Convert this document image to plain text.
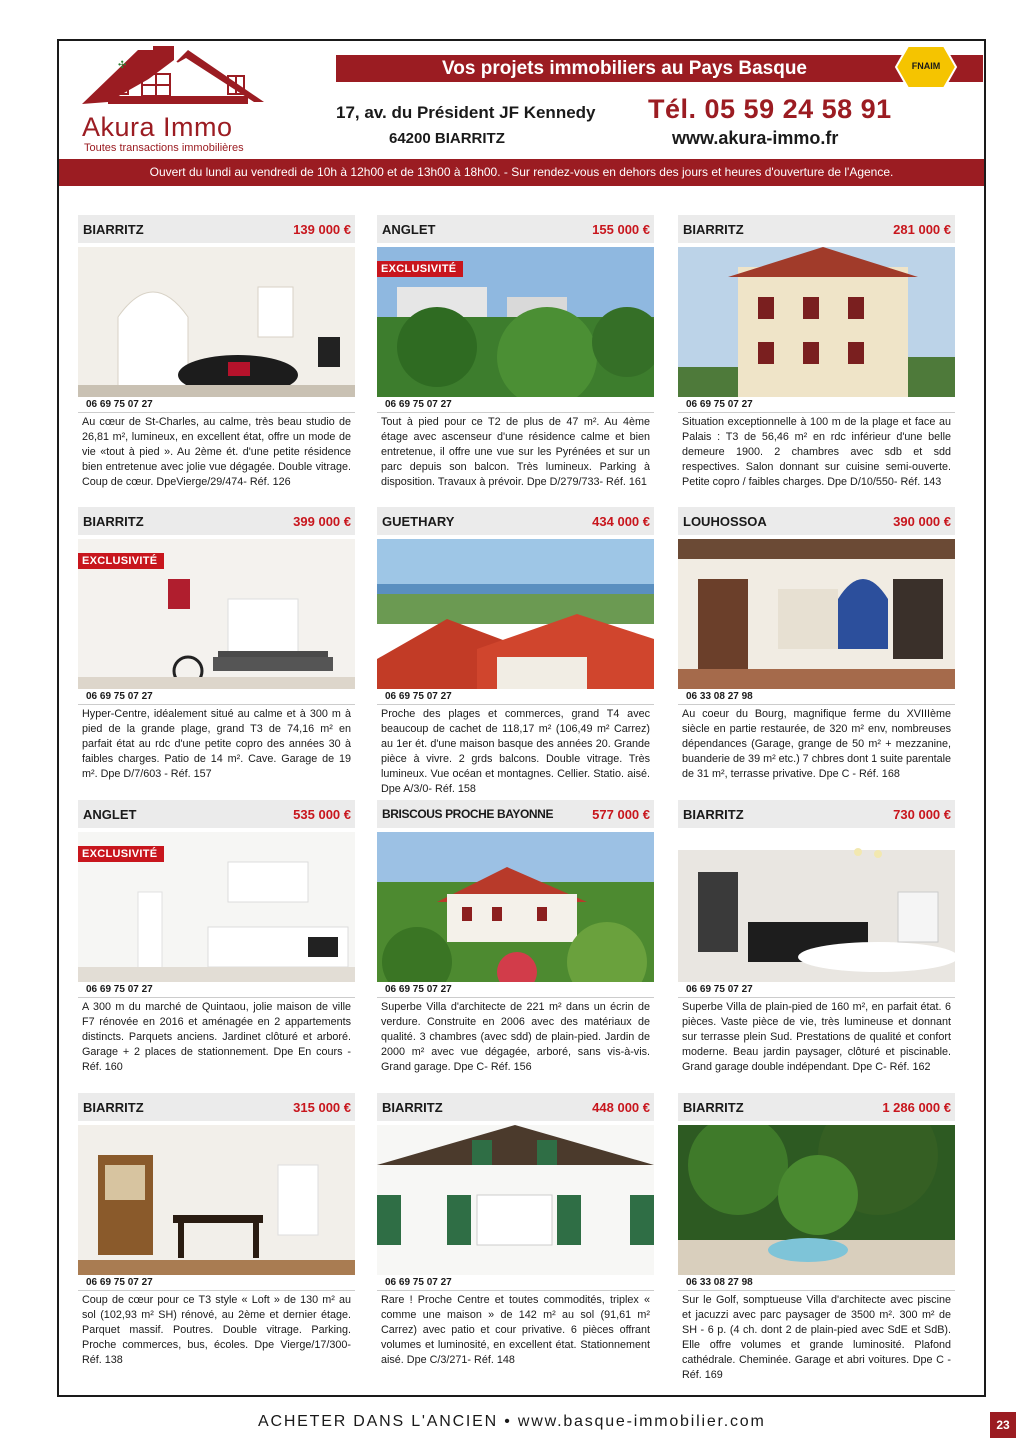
✣
Akura Immo
Toutes transactions immobilières
Vos projets immobiliers au Pays Basque	FNAIM
17, av. du Président JF Kennedy
64200 BIARRITZ
Tél. 05 59 24 58 91
www.akura-immo.fr
Ouvert du lundi au vendredi de 10h à 12h00 et de 13h00 à 18h00. - Sur rendez-vous en dehors des jours et heures d'ouverture de l'Agence.
BIARRITZ	139 000 €
06 69 75 07 27
Au cœur de St-Charles, au calme, très beau studio de 26,81 m², lumineux, en excellent état, offre un mode de vie «tout à pied ». Au 2ème ét. d'une petite résidence bien entretenue avec jolie vue dégagée. Double vitrage. Coup de cœur. DpeVierge/29/474- Réf. 126
ANGLET	155 000 €
EXCLUSIVITÉ
06 69 75 07 27
Tout à pied pour ce T2 de plus de 47 m². Au 4ème étage avec ascenseur d'une résidence calme et bien entretenue, il offre une vue sur les Pyrénées et sur un parc depuis son balcon. Très lumineux. Parking à disposition. Travaux à prévoir. Dpe D/279/733- Réf. 161
BIARRITZ	281 000 €
06 69 75 07 27
Situation exceptionnelle à 100 m de la plage et face au Palais : T3 de 56,46 m² en rdc inférieur d'une belle demeure 1900. 2 chambres avec sdb et sdd respectives. Salon donnant sur cuisine semi-ouverte. Petite copro / faibles charges. Dpe D/10/550- Réf. 143
BIARRITZ	399 000 €
EXCLUSIVITÉ
06 69 75 07 27
Hyper-Centre, idéalement situé au calme et à 300 m à pied de la grande plage, grand T3 de 74,16 m² en parfait état au rdc d'une petite copro des années 30 à faibles charges. Patio de 14 m². Cave. Garage de 19 m². Dpe D/7/603 - Réf. 157
GUETHARY	434 000 €
06 69 75 07 27
Proche des plages et commerces, grand T4 avec beaucoup de cachet de 118,17 m² (106,49 m² Carrez) au 1er ét. d'une maison basque des années 20. Grande pièce à vivre. 2 grds balcons. Double vitrage. Très lumineux. Vue océan et montagnes. Cellier. Statio. aisé. Dpe A/3/0- Réf. 158
LOUHOSSOA	390 000 €
06 33 08 27 98
Au coeur du Bourg, magnifique ferme du XVIIIème siècle en partie restaurée, de 320 m² env, nombreuses dépendances (Garage, grange de 50 m² + mezzanine, buanderie de 39 m² etc.) 7 chbres dont 1 suite parentale de 31 m², terrasse privative. Dpe C - Réf. 168
ANGLET	535 000 €
EXCLUSIVITÉ
06 69 75 07 27
A 300 m du marché de Quintaou, jolie maison de ville F7 rénovée en 2016 et aménagée en 2 appartements distincts. Parquets anciens. Jardinet clôturé et arboré. Garage + 2 places de stationnement. Dpe En cours - Réf. 160
BRISCOUS PROCHE BAYONNE	577 000 €
06 69 75 07 27
Superbe Villa d'architecte de 221 m² dans un écrin de verdure. Construite en 2006 avec des matériaux de qualité. 3 chambres (avec sdd) de plain-pied. Jardin de 2000 m² avec vue dégagée, arboré, sans vis-à-vis. Grand garage. Dpe C- Réf. 156
BIARRITZ	730 000 €
06 69 75 07 27
Superbe Villa de plain-pied de 160 m², en parfait état. 6 pièces. Vaste pièce de vie, très lumineuse et donnant sur terrasse plein Sud. Prestations de qualité et confort moderne. Beau jardin paysager, clôturé et piscinable. Grand garage double indépendant. Dpe C- Réf. 162
BIARRITZ	315 000 €
06 69 75 07 27
Coup de cœur pour ce T3 style « Loft » de 130 m² au sol (102,93 m² SH) rénové, au 2ème et dernier étage. Parquet massif. Poutres. Double vitrage. Parking. Proche commerces, bus, écoles. Dpe Vierge/17/300- Réf. 138
BIARRITZ	448 000 €
06 69 75 07 27
Rare ! Proche Centre et toutes commodités, triplex « comme une maison » de 142 m² au sol (91,61 m² Carrez) avec patio et cour privative. 6 pièces offrant volumes et luminosité, en excellent état. Stationnement aisé. Dpe C/3/271- Réf. 148
BIARRITZ	1 286 000 €
06 33 08 27 98
Sur le Golf, somptueuse Villa d'architecte avec piscine et jacuzzi avec parc paysager de 3500 m². 300 m² de SH - 6 p. (4 ch. dont 2 de plain-pied avec SdE et SdB). Elle offre volumes et grande luminosité. Plafond cathédrale. Cheminée. Garage et abri voitures. Dpe C - Réf. 169
ACHETER DANS L'ANCIEN • www.basque-immobilier.com	23
